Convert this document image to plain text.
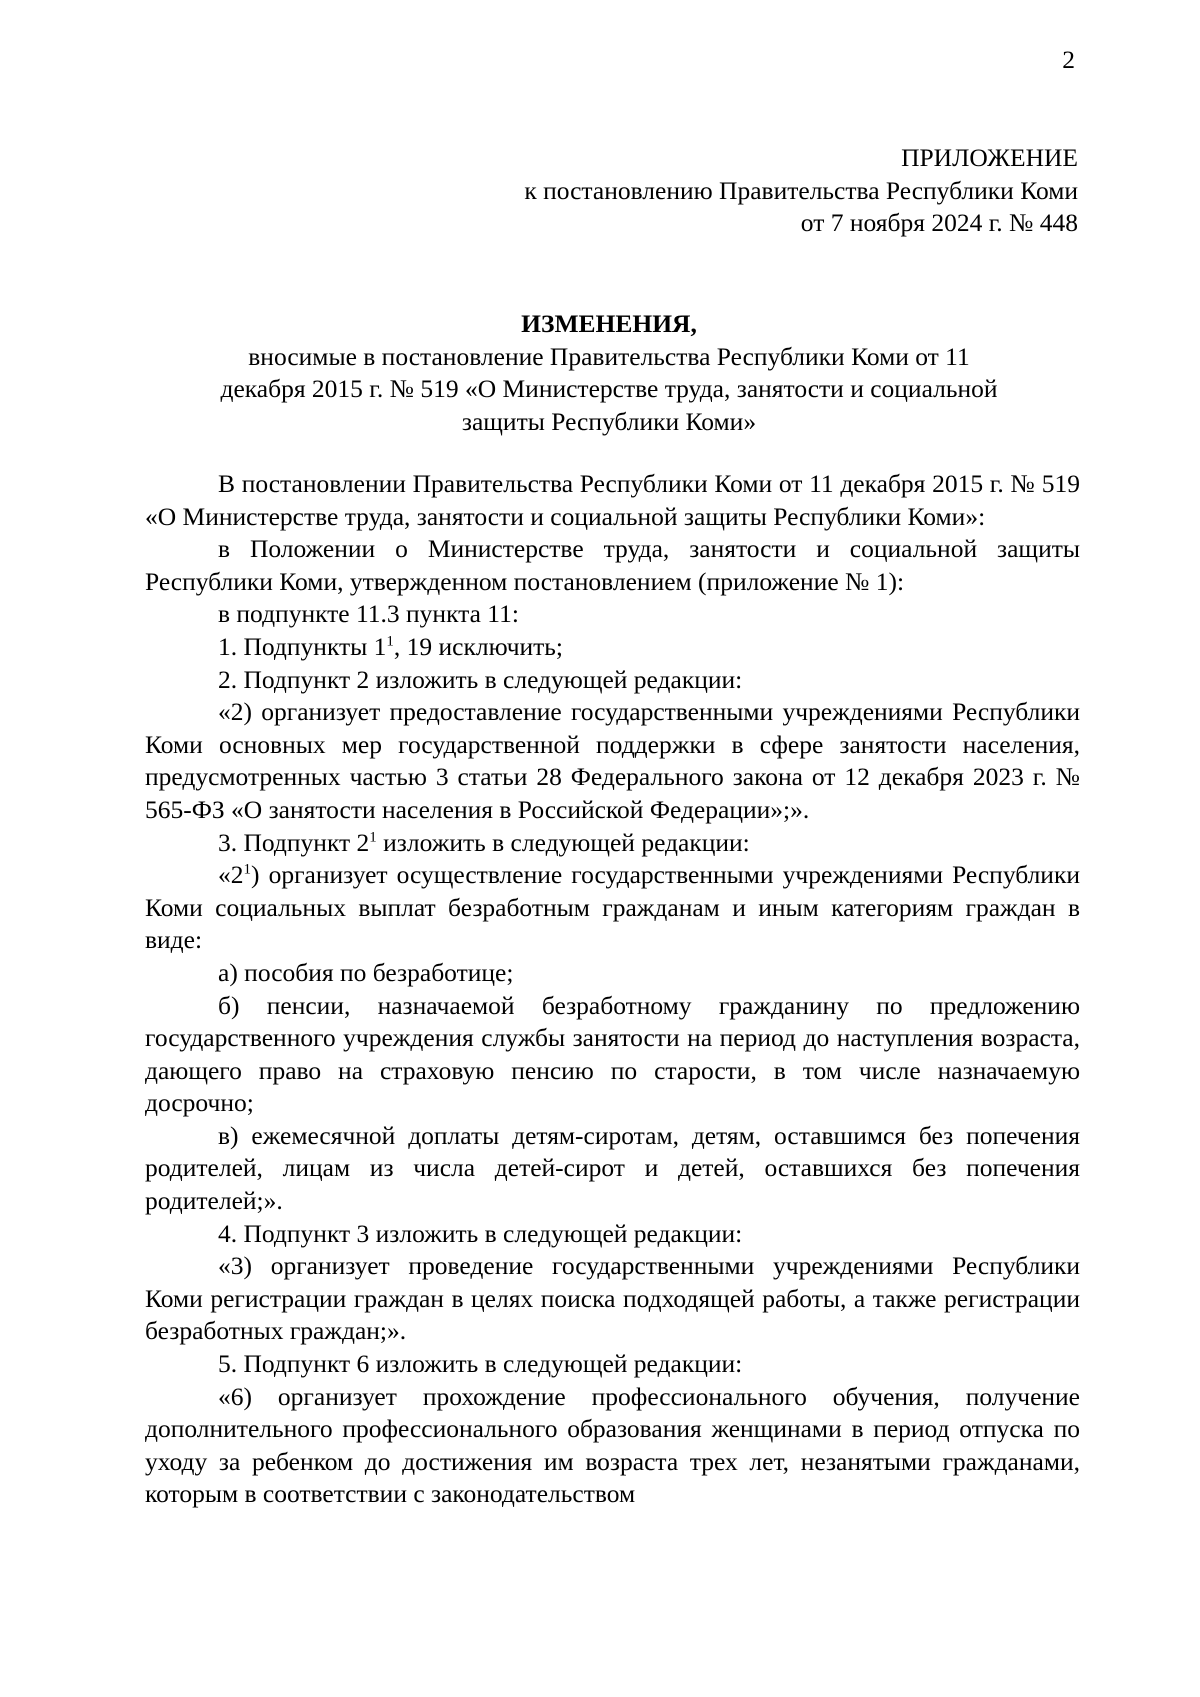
2
ПРИЛОЖЕНИЕ
к постановлению Правительства Республики Коми
от 7 ноября 2024 г. № 448
ИЗМЕНЕНИЯ,
вносимые в постановление Правительства Республики Коми от 11
декабря 2015 г. № 519 «О Министерстве труда, занятости и социальной
защиты Республики Коми»

В постановлении Правительства Республики Коми от 11 декабря 2015 г. № 519 «О Министерстве труда, занятости и социальной защиты Республики Коми»:

в Положении о Министерстве труда, занятости и социальной защиты Республики Коми, утвержденном постановлением (приложение № 1):

в подпункте 11.3 пункта 11:

1. Подпункты $1^1$, 19 исключить;

2. Подпункт 2 изложить в следующей редакции:

«2) организует предоставление государственными учреждениями Республики Коми основных мер государственной поддержки в сфере занятости населения, предусмотренных частью 3 статьи 28 Федерального закона от 12 декабря 2023 г. № 565-ФЗ «О занятости населения в Российской Федерации»;».

3. Подпункт $2^1$ изложить в следующей редакции:

«$2^1$) организует осуществление государственными учреждениями Республики Коми социальных выплат безработным гражданам и иным категориям граждан в виде:

а) пособия по безработице;

б) пенсии, назначаемой безработному гражданину по предложению государственного учреждения службы занятости на период до наступления возраста, дающего право на страховую пенсию по старости, в том числе назначаемую досрочно;

в) ежемесячной доплаты детям-сиротам, детям, оставшимся без попечения родителей, лицам из числа детей-сирот и детей, оставшихся без попечения родителей;».

4. Подпункт 3 изложить в следующей редакции:

«3) организует проведение государственными учреждениями Республики Коми регистрации граждан в целях поиска подходящей работы, а также регистрации безработных граждан;».

5. Подпункт 6 изложить в следующей редакции:

«6) организует прохождение профессионального обучения, получение дополнительного профессионального образования женщинами в период отпуска по уходу за ребенком до достижения им возраста трех лет, незанятыми гражданами, которым в соответствии с законодательством
